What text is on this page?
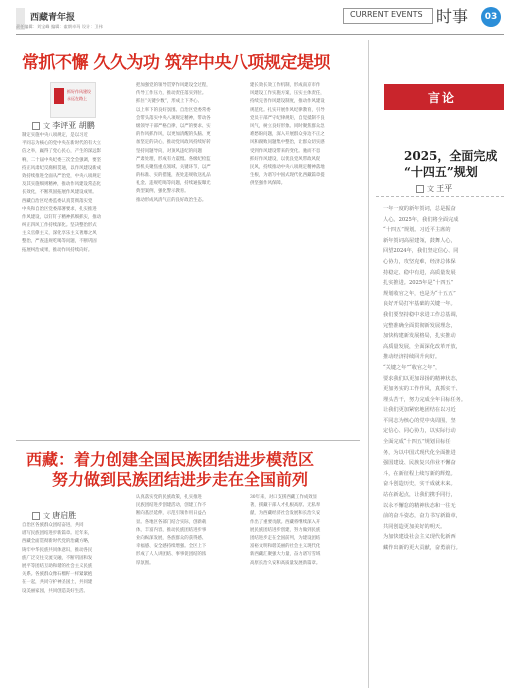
西藏青年报
责任编辑：刘宝峰 编辑：索朗卓玛 设计：卫伟
CURRENT EVENTS 时事	03
常抓不懈 久久为功 筑牢中央八项规定堤坝
抓好作风建设
永远在路上
文 李评亚 胡鹏
制定实施中央八项规定，是以习近
平同志为核心的党中央在新时代的有大立
信之举，赢得了党心民心，产生的深远影
响，二十届中央纪委三次全会强调，要坚
持正风肃纪反腐相贯通，以作风建设新成
效持续推进全面从严治党，中央八项规定
及其实施细则精神，推动作风建设常态化
长效化，不断巩固拓展作风建设成果。
西藏自治区纪委监委认真贯彻落实党
中央和自治区党委部署要求，扎实推进
作风建设，以钉钉子精神抓细抓实，推动
纠正四风工作持续深化。坚决整治形式
主义官僚主义，深化享乐主义奢靡之风
整治，严查违规吃喝等问题，不断巩固
拓展纠治成果，推动作风持续向好。
把加强党的领导贯穿作风建设全过程，
传导工作压力，推动责任落实到位。
抓住“关键少数”，形成上下齐心、
以上率下的良好氛围。自治区党委常委
会带头落实中央八项规定精神，带动各
级领导干部严格自律，以严的要求、实
的作风抓作风，以更加清醒的头脑、更
加坚定的决心，推动党风政风持续好转
坚持问题导向，对顶风违纪的问题
严肃处理，形成有力震慑。各级纪检监
察机关聚焦重点领域、关键环节，以严
的标准、实的措施，查处违规收送礼品
礼金、违规吃喝等问题，持续通报曝光
典型案例，强化警示教育。
推动形成风清气正的良好政治生态。
建长效长效工作机制，形成南京市作
风建设工作实施方案，压实主体责任，
持续完善作风建设制度，推动作风建设
规范化。扎实开展作风纪律教育，引导
党员干部严守纪律规矩，自觉抵制不良
风气，树立良好形象。同时聚焦群众急
难愁盼问题，深入开展群众身边不正之
风和腐败问题集中整治，让群众切实感
受到作风建设带来的变化。驰而不息
抓好作风建设，以优良党风带政风促
民风，持续推动中央八项规定精神落地
生根，为谱写中国式现代化西藏篇章提
供坚强作风保障。
西藏：着力创建全国民族团结进步模范区
努力做到民族团结进步走在全国前列
文 唐启胜
自治区各族群众团结奋进，共同
谱写民族团结进步新篇章。近年来，
西藏全面贯彻新时代党的治藏方略，
铸牢中华民族共同体意识，推动各民
族广泛交往交流交融，不断巩固和发
展平等团结互助和谐的社会主义民族
关系。各族群众像石榴籽一样紧紧抱
在一起，共同守护神圣国土，共同建
设美丽家园，共同创造美好生活。
认真落实党的民族政策，扎实推进
民族团结进步创建活动，创建工作不
断向基层延伸，示范引领作用日益凸
显。各地区各部门结合实际，创新载
体，丰富内容，推动民族团结进步事
业向纵深发展，各族群众的获得感、
幸福感、安全感持续增强。全区上下
形成了人人讲团结、事事促团结的浓
厚氛围。
30年来，对口支援西藏工作成效显
著，援藏干部人才扎根高原、无私奉
献，为西藏经济社会发展和长治久安
作出了重要贡献。西藏将继续深入开
展民族团结进步创建，努力做到民族
团结进步走在全国前列，为建设团结
富裕文明和谐美丽的社会主义现代化
新西藏汇聚强大力量，奋力谱写雪域
高原长治久安和高质量发展新篇章。
言论
2025，全面完成
“十四五”规划
文 王平
一年一度的新年贺词，总是振奋
人心。2025年，我们将全面完成
“十四五”规划。习近平主席的
新年贺词高屋建瓴，鼓舞人心，
回望2024年，我们坚定信心、同
心协力，攻坚克难，经济总体保
持稳定、稳中有进，高质量发展
扎实推进。2025年是“十四五”
规划收官之年，也是为“十五五”
良好开局打牢基础的关键一年。
我们要坚持稳中求进工作总基调，
完整准确全面贯彻新发展理念，
加快构建新发展格局，扎实推动
高质量发展，全面深化改革开放，
推动经济持续回升向好。
“关键之年”“收官之年”，
要求我们以更加昂扬的精神状态，
更加务实的工作作风，真抓实干、
埋头苦干，努力完成全年目标任务。
让我们更加紧密地团结在以习近
平同志为核心的党中央周围，坚
定信心、同心协力，以实际行动
全面完成“十四五”规划目标任
务，为以中国式现代化全面推进
强国建设、民族复兴伟业不懈奋
斗，在新征程上续写新的辉煌。
奋斗创造历史，实干成就未来。
站在新起点，让我们携手同行，
以永不懈怠的精神状态和一往无
前的奋斗姿态，奋力书写新篇章，
共同创造更加美好的明天。
为加快建设社会主义现代化新西
藏作出新的更大贡献，奋勇前行。
